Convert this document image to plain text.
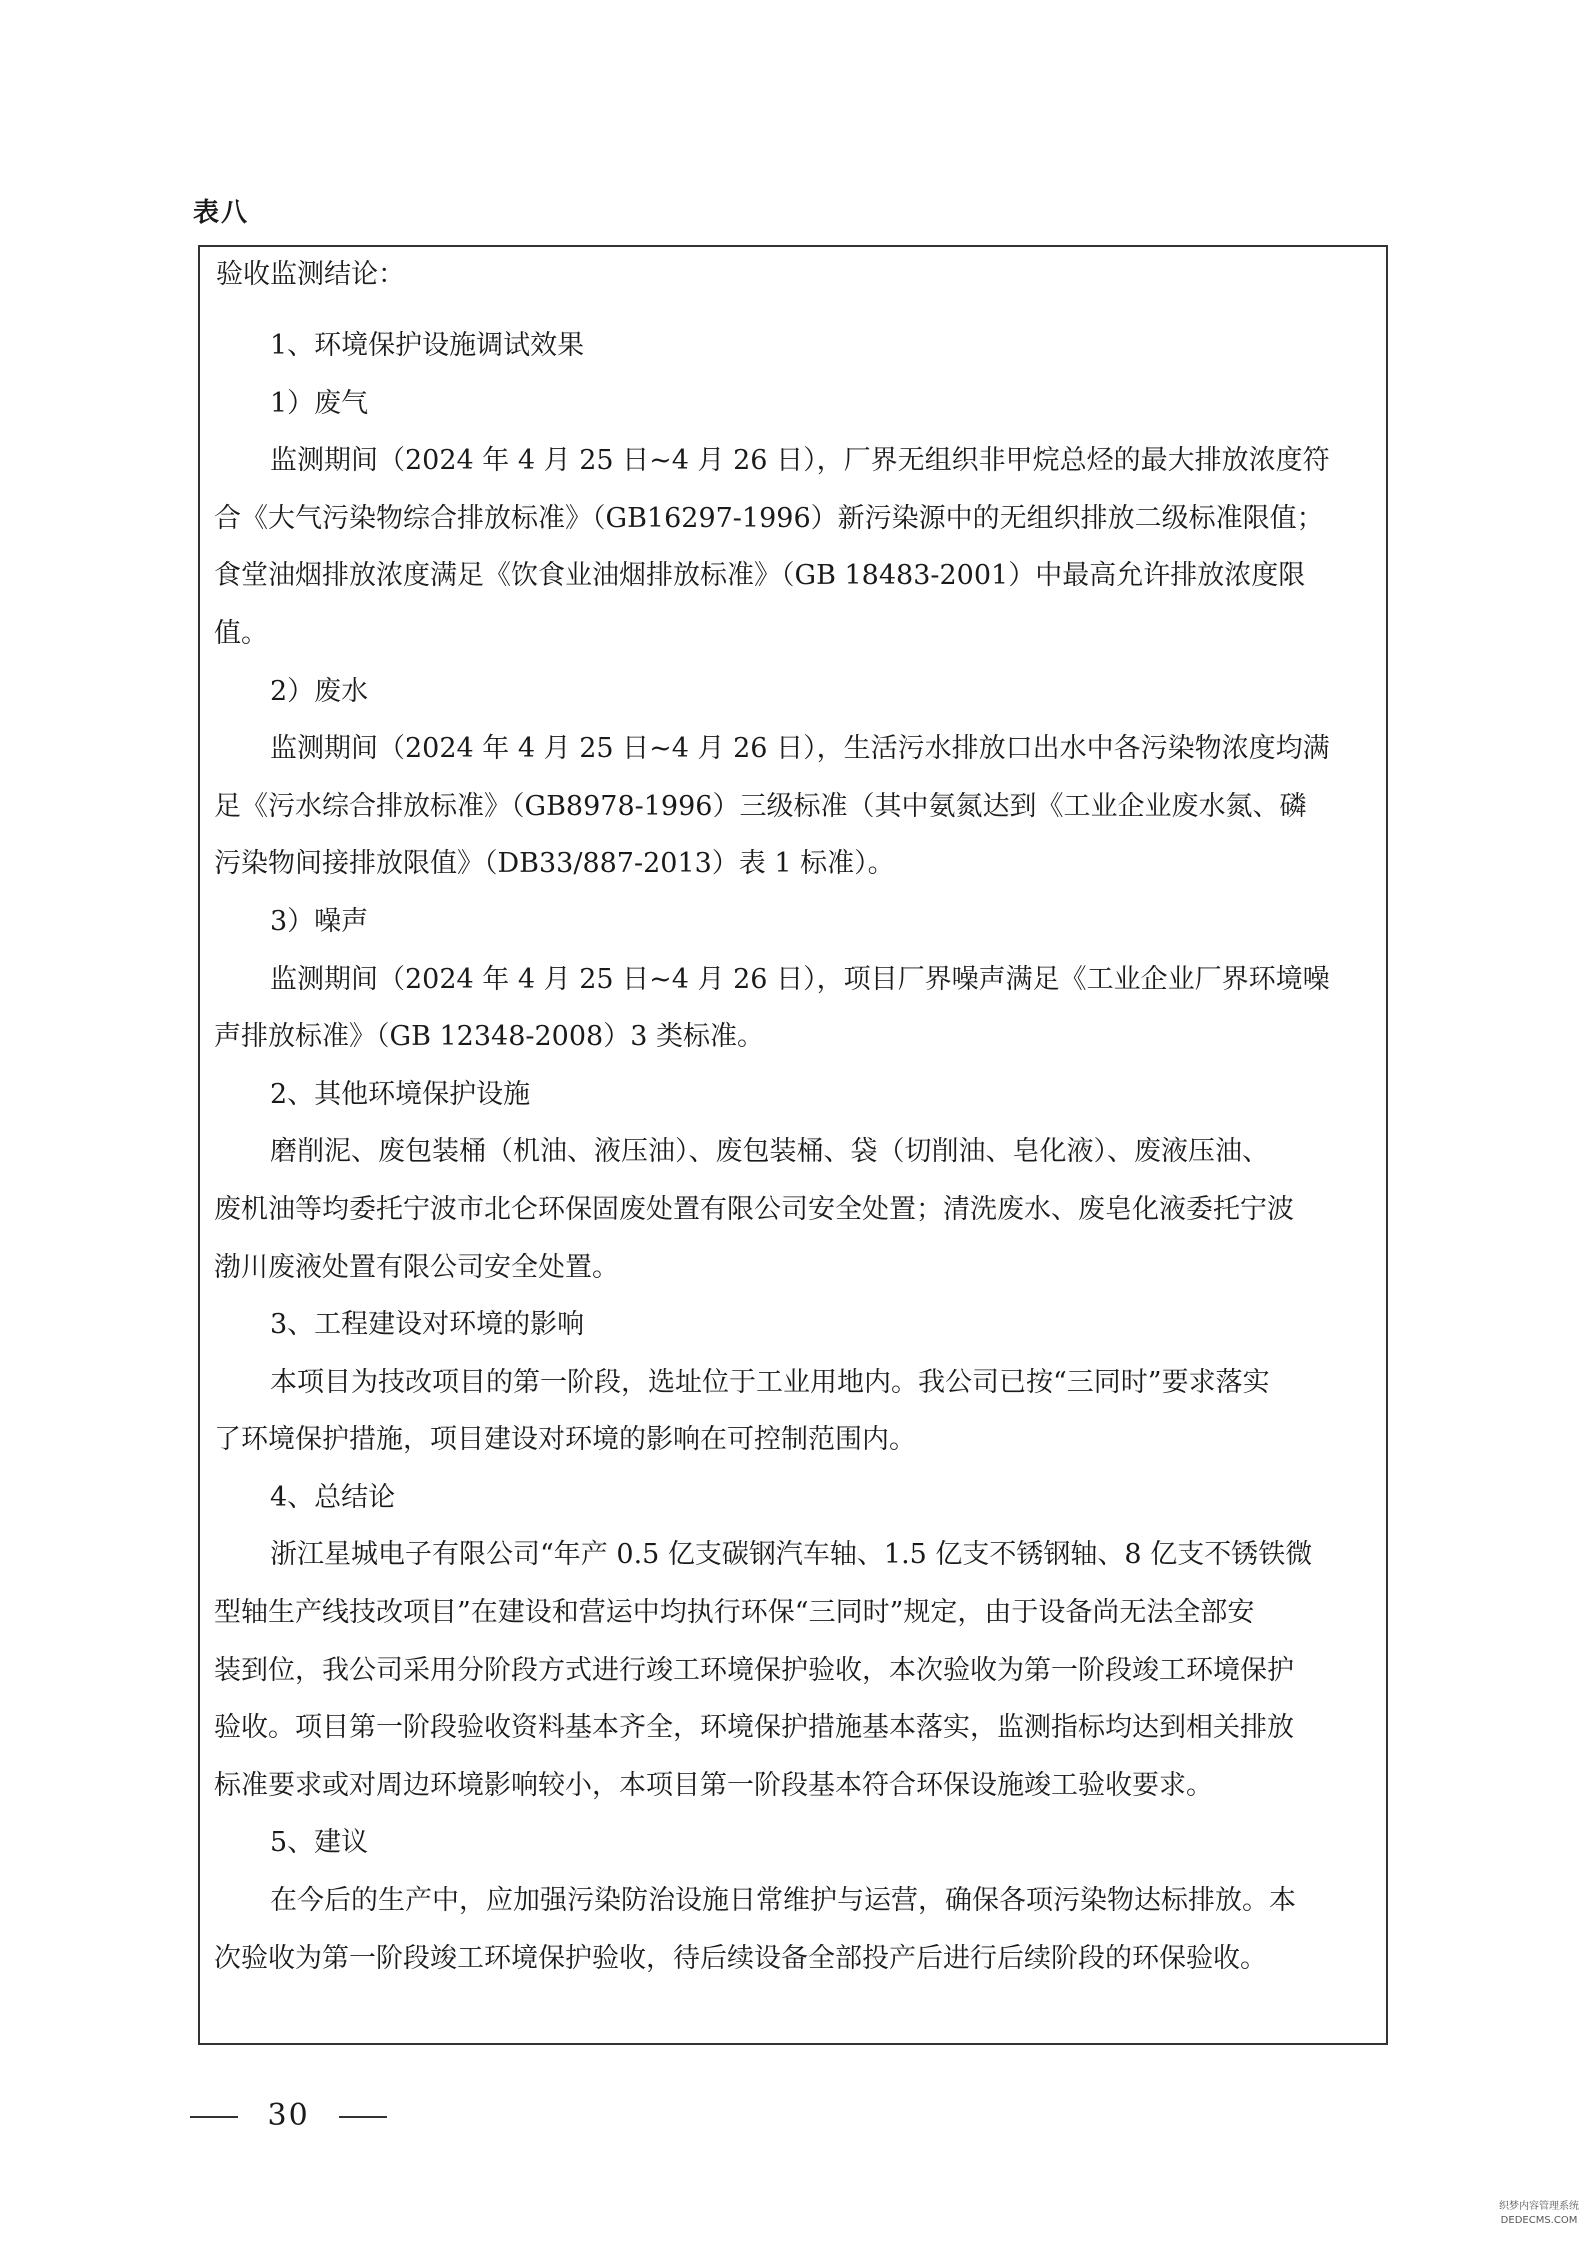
表八
验收监测结论：
1、环境保护设施调试效果
1）废气
监测期间（2024 年 4 月 25 日~4 月 26 日），厂界无组织非甲烷总烃的最大排放浓度符
合《大气污染物综合排放标准》（GB16297-1996）新污染源中的无组织排放二级标准限值；
食堂油烟排放浓度满足《饮食业油烟排放标准》（GB 18483-2001）中最高允许排放浓度限
值。
2）废水
监测期间（2024 年 4 月 25 日~4 月 26 日），生活污水排放口出水中各污染物浓度均满
足《污水综合排放标准》（GB8978-1996）三级标准（其中氨氮达到《工业企业废水氮、磷
污染物间接排放限值》（DB33/887-2013）表 1 标准）。
3）噪声
监测期间（2024 年 4 月 25 日~4 月 26 日），项目厂界噪声满足《工业企业厂界环境噪
声排放标准》（GB 12348-2008）3 类标准。
2、其他环境保护设施
磨削泥、废包装桶（机油、液压油）、废包装桶、袋（切削油、皂化液）、废液压油、
废机油等均委托宁波市北仑环保固废处置有限公司安全处置；清洗废水、废皂化液委托宁波
渤川废液处置有限公司安全处置。
3、工程建设对环境的影响
本项目为技改项目的第一阶段，选址位于工业用地内。我公司已按“三同时”要求落实
了环境保护措施，项目建设对环境的影响在可控制范围内。
4、总结论
浙江星城电子有限公司“年产 0.5 亿支碳钢汽车轴、1.5 亿支不锈钢轴、8 亿支不锈铁微
型轴生产线技改项目”在建设和营运中均执行环保“三同时”规定，由于设备尚无法全部安
装到位，我公司采用分阶段方式进行竣工环境保护验收，本次验收为第一阶段竣工环境保护
验收。项目第一阶段验收资料基本齐全，环境保护措施基本落实，监测指标均达到相关排放
标准要求或对周边环境影响较小，本项目第一阶段基本符合环保设施竣工验收要求。
5、建议
在今后的生产中，应加强污染防治设施日常维护与运营，确保各项污染物达标排放。本
次验收为第一阶段竣工环境保护验收，待后续设备全部投产后进行后续阶段的环保验收。
30
织梦内容管理系统
DEDECMS.COM
